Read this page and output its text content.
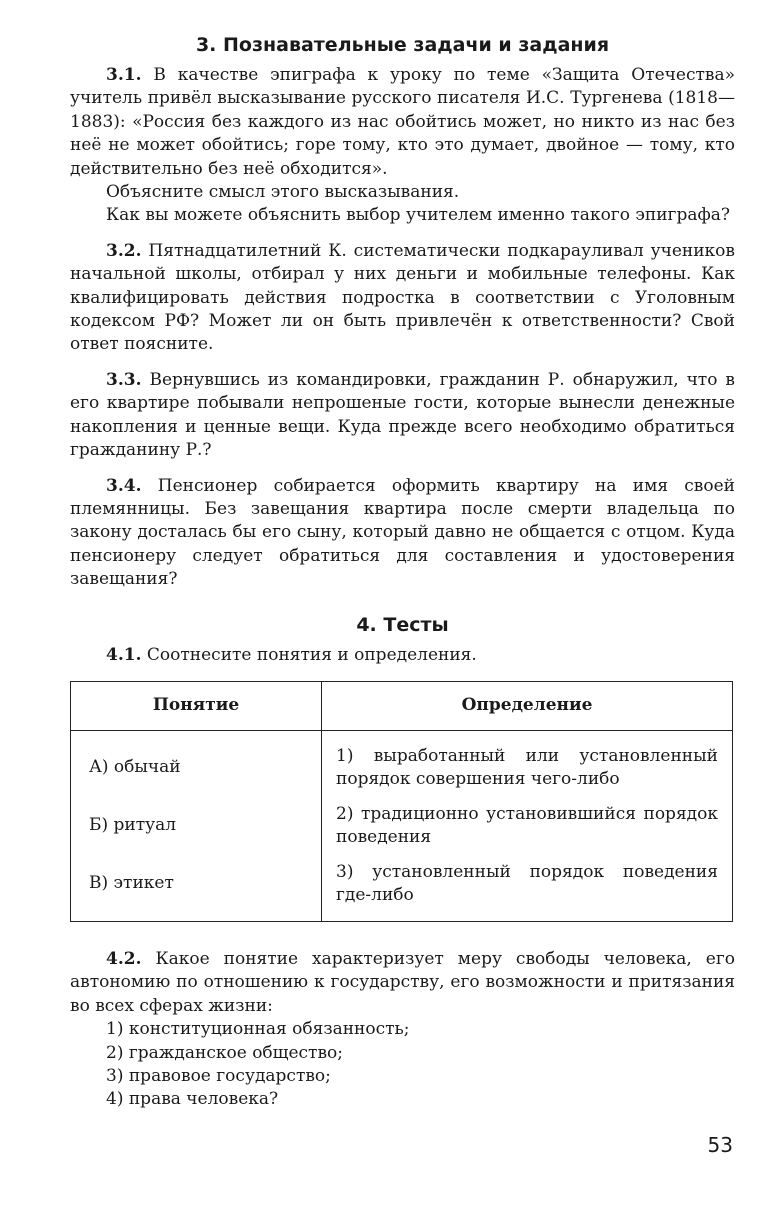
3. Познавательные задачи и задания

3.1. В качестве эпиграфа к уроку по теме «Защита Отечества» учитель привёл высказывание русского писателя И.С. Тургенева (1818—1883): «Россия без каждого из нас обойтись может, но никто из нас без неё не может обойтись; горе тому, кто это думает, двойное — тому, кто действительно без неё обходится».

Объясните смысл этого высказывания.

Как вы можете объяснить выбор учителем именно такого эпиграфа?

3.2. Пятнадцатилетний К. систематически подкарауливал учеников начальной школы, отбирал у них деньги и мобильные телефоны. Как квалифицировать действия подростка в соответствии с Уголовным кодексом РФ? Может ли он быть привлечён к ответственности? Свой ответ поясните.

3.3. Вернувшись из командировки, гражданин Р. обнаружил, что в его квартире побывали непрошеные гости, которые вынесли денежные накопления и ценные вещи. Куда прежде всего необходимо обратиться гражданину Р.?

3.4. Пенсионер собирается оформить квартиру на имя своей племянницы. Без завещания квартира после смерти владельца по закону досталась бы его сыну, который давно не общается с отцом. Куда пенсионеру следует обратиться для составления и удостоверения завещания?

4. Тесты

4.1. Соотнесите понятия и определения.

Понятие	Определение
А) обычай	1) выработанный или установленный порядок совершения чего-либо
Б) ритуал	2) традиционно установившийся порядок поведения
В) этикет	3) установленный порядок поведения где-либо

4.2. Какое понятие характеризует меру свободы человека, его автономию по отношению к государству, его возможности и притязания во всех сферах жизни:

1) конституционная обязанность;
2) гражданское общество;
3) правовое государство;
4) права человека?
53
